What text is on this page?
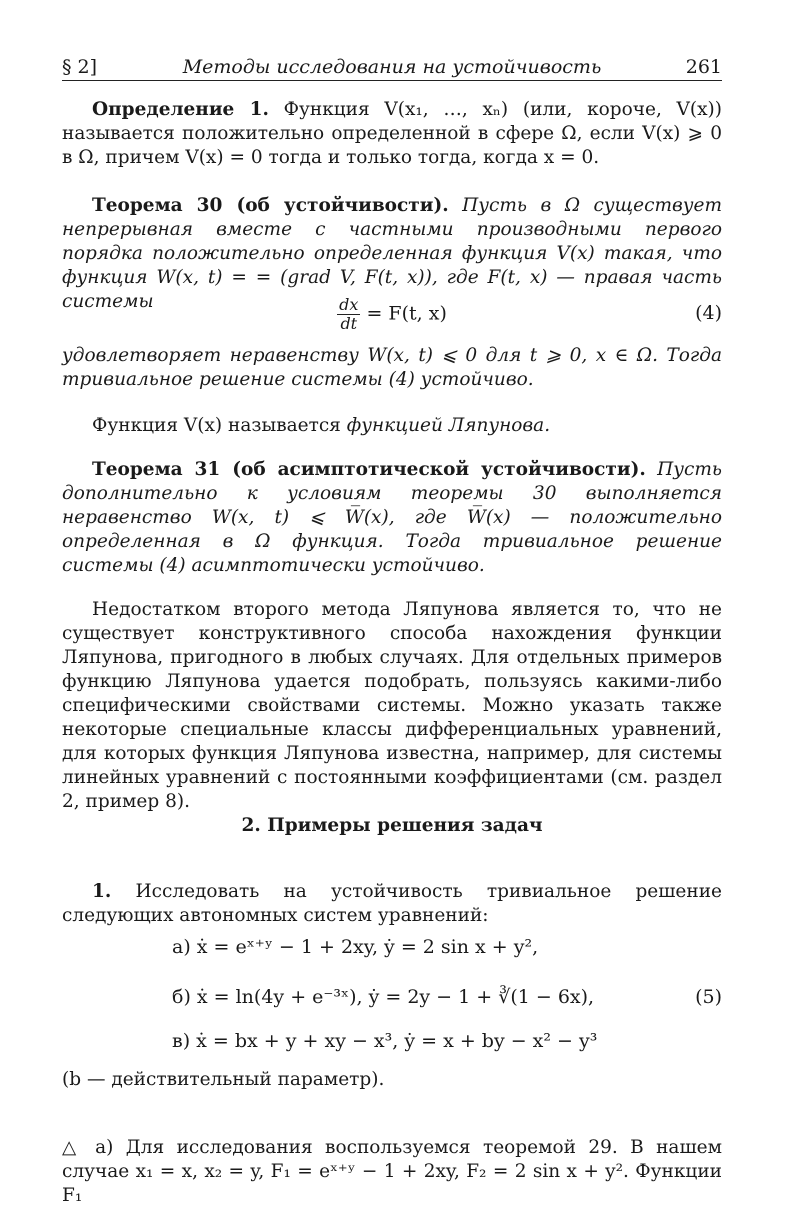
§ 2]	Методы исследования на устойчивость	261
Определение 1. Функция V(x₁, …, xₙ) (или, короче, V(x)) называется положительно определенной в сфере Ω, если V(x) ⩾ 0 в Ω, причем V(x) = 0 тогда и только тогда, когда x = 0.
Теорема 30 (об устойчивости). Пусть в Ω существует непрерывная вместе с частными производными первого порядка положительно определенная функция V(x) такая, что функция W(x, t) = = (grad V, F(t, x)), где F(t, x) — правая часть системы	$\frac{dx}{dt} = F(t$, x)	(4)
удовлетворяет неравенству W(x, t) ⩽ 0 для t ⩾ 0, x ∈ Ω. Тогда тривиальное решение системы (4) устойчиво.
Функция V(x) называется функцией Ляпунова.
Теорема 31 (об асимптотической устойчивости). Пусть дополнительно к условиям теоремы 30 выполняется неравенство W(x, t) ⩽ W̅(x), где W̅(x) — положительно определенная в Ω функция. Тогда тривиальное решение системы (4) асимптотически устойчиво.
Недостатком второго метода Ляпунова является то, что не существует конструктивного способа нахождения функции Ляпунова, пригодного в любых случаях. Для отдельных примеров функцию Ляпунова удается подобрать, пользуясь какими-либо специфическими свойствами системы. Можно указать также некоторые специальные классы дифференциальных уравнений, для которых функция Ляпунова известна, например, для системы линейных уравнений с постоянными коэффициентами (см. раздел 2, пример 8).
2. Примеры решения задач
1. Исследовать на устойчивость тривиальное решение следующих автономных систем уравнений:
а) ẋ = eˣ⁺ʸ − 1 + 2xy, ẏ = 2 sin x + y²,
б) ẋ = ln(4y + e⁻³ˣ), ẏ = 2y − 1 + ∛(1 − 6x),	(5)
в) ẋ = bx + y + xy − x³, ẏ = x + by − x² − y³
(b — действительный параметр).
△ а) Для исследования воспользуемся теоремой 29. В нашем случае x₁ = x, x₂ = y, F₁ = eˣ⁺ʸ − 1 + 2xy, F₂ = 2 sin x + y². Функции F₁
